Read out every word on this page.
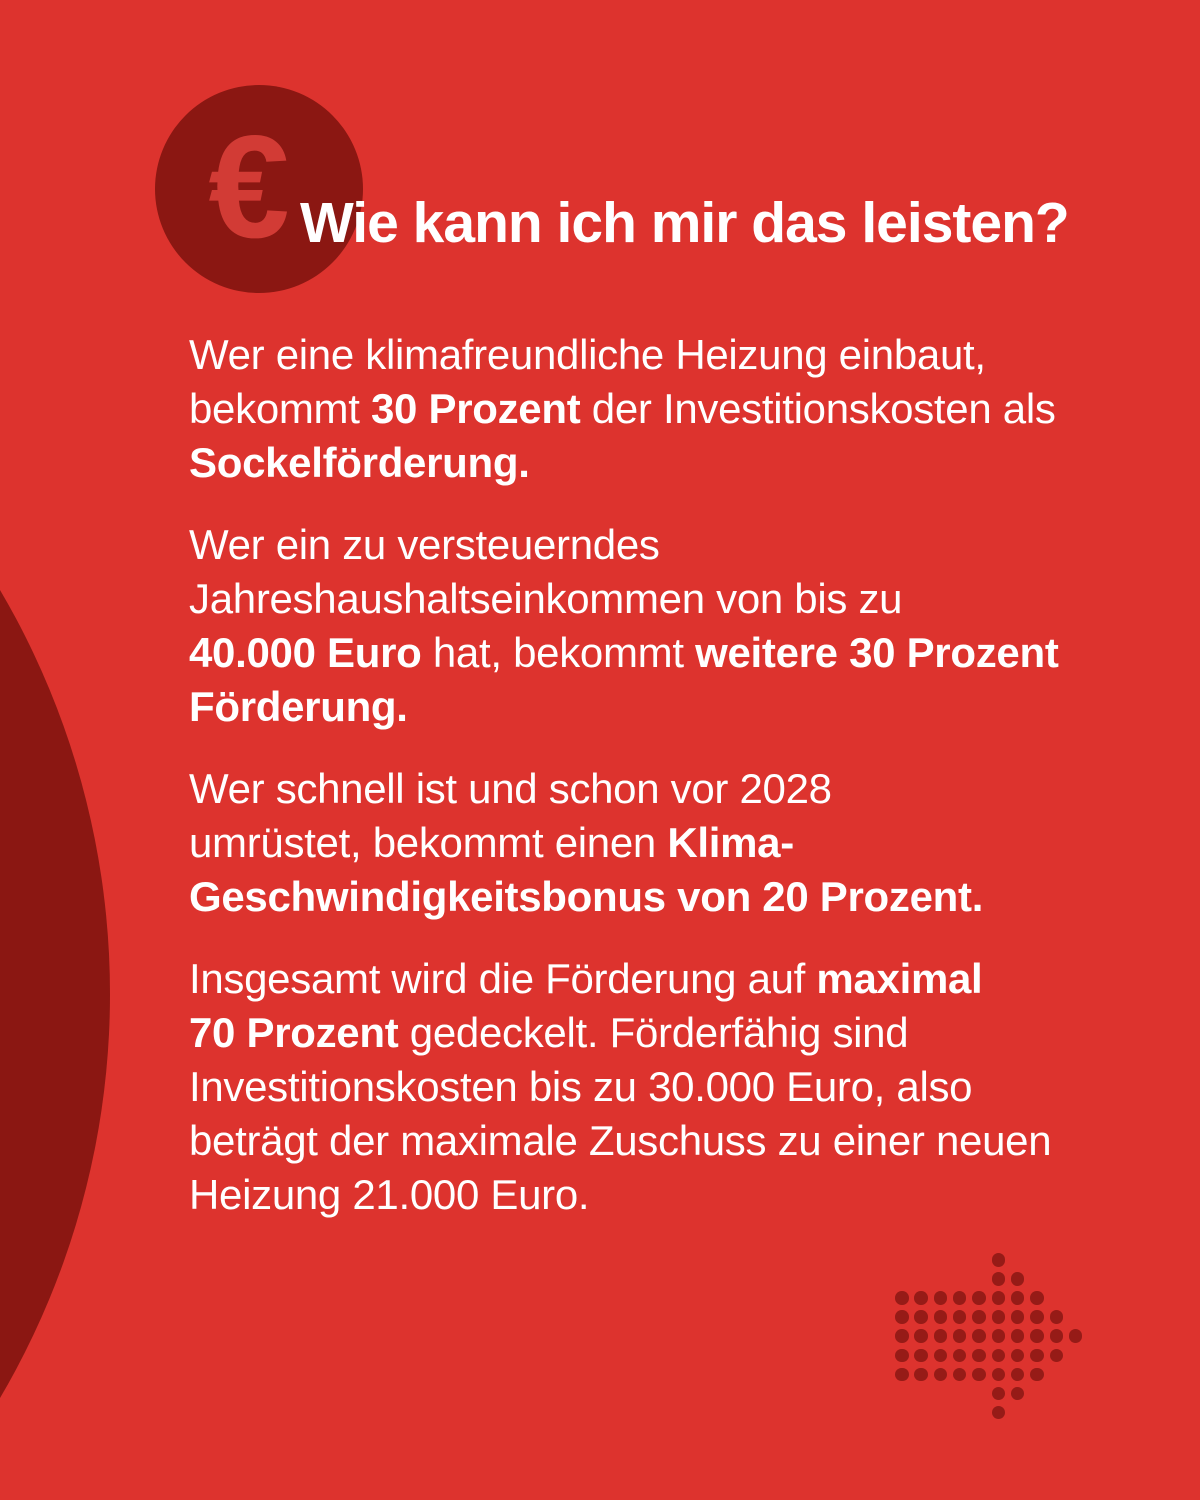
€ Wie kann ich mir das leisten?

Wer eine klimafreundliche Heizung einbaut,
bekommt 30 Prozent der Investitionskosten als
Sockelförderung.

Wer ein zu versteuerndes
Jahreshaushaltseinkommen von bis zu
40.000 Euro hat, bekommt weitere 30 Prozent
Förderung.

Wer schnell ist und schon vor 2028
umrüstet, bekommt einen Klima-
Geschwindigkeitsbonus von 20 Prozent.

Insgesamt wird die Förderung auf maximal
70 Prozent gedeckelt. Förderfähig sind
Investitionskosten bis zu 30.000 Euro, also
beträgt der maximale Zuschuss zu einer neuen
Heizung 21.000 Euro.
